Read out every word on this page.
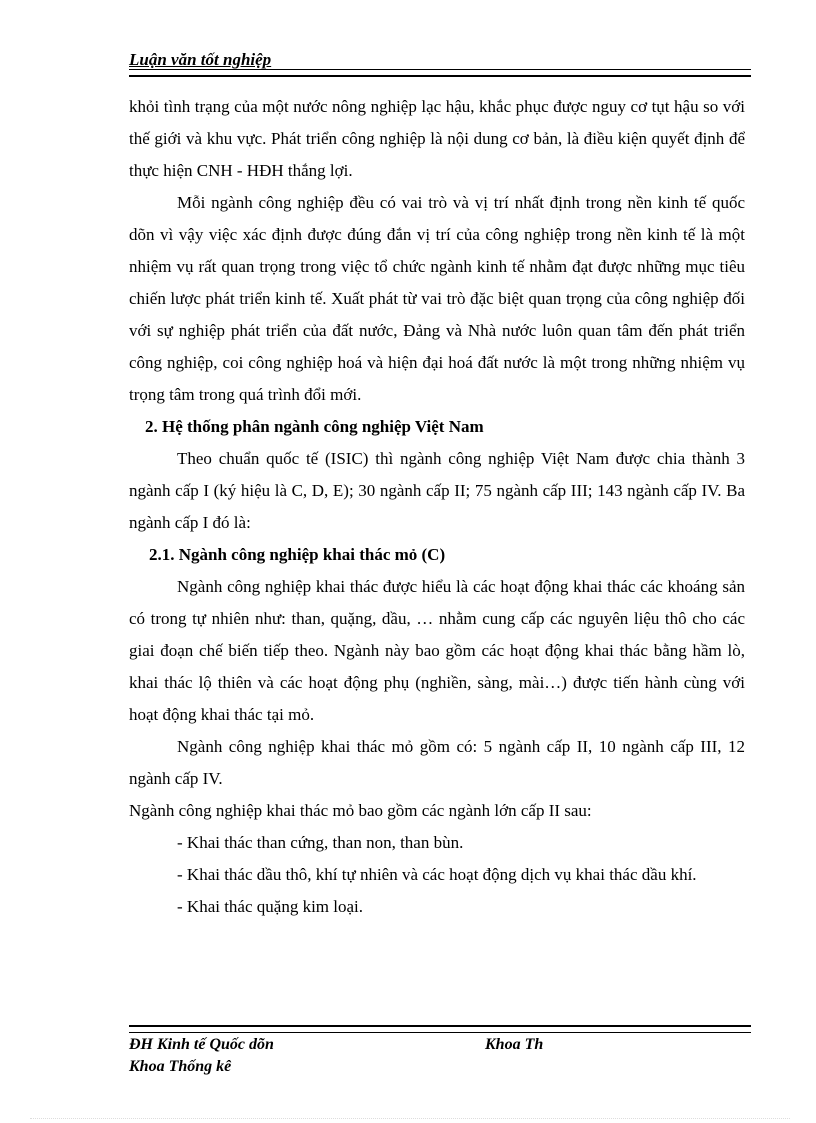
Luận văn tốt nghiệp

khỏi tình trạng của một nước nông nghiệp lạc hậu, khắc phục được nguy cơ tụt hậu so với thế giới và khu vực. Phát triển công nghiệp là nội dung cơ bản, là điều kiện quyết định để thực hiện CNH - HĐH thắng lợi.

Mỗi ngành công nghiệp đều có vai trò và vị trí nhất định trong nền kinh tế quốc dõn vì vậy việc xác định được đúng đắn vị trí của công nghiệp trong nền kinh tế là một nhiệm vụ rất quan trọng trong việc tổ chức ngành kinh tế nhằm đạt được những mục tiêu chiến lược phát triển kinh tế. Xuất phát từ vai trò đặc biệt quan trọng của công nghiệp đối với sự nghiệp phát triển của đất nước, Đảng và Nhà nước luôn quan tâm đến phát triển công nghiệp, coi công nghiệp hoá và hiện đại hoá đất nước là một trong những nhiệm vụ trọng tâm trong quá trình đổi mới.

2. Hệ thống phân ngành công nghiệp Việt Nam

Theo chuẩn quốc tế (ISIC) thì ngành công nghiệp Việt Nam được chia thành 3 ngành cấp I (ký hiệu là C, D, E); 30 ngành cấp II; 75 ngành cấp III; 143 ngành cấp IV. Ba ngành cấp I đó là:

2.1. Ngành công nghiệp khai thác mỏ (C)

Ngành công nghiệp khai thác được hiểu là các hoạt động khai thác các khoáng sản có trong tự nhiên như: than, quặng, dầu, … nhằm cung cấp các nguyên liệu thô cho các giai đoạn chế biến tiếp theo. Ngành này bao gồm các hoạt động khai thác bằng hầm lò, khai thác lộ thiên và các hoạt động phụ (nghiền, sàng, mài…) được tiến hành cùng với hoạt động khai thác tại mỏ.

Ngành công nghiệp khai thác mỏ gồm có: 5 ngành cấp II, 10 ngành cấp III, 12 ngành cấp IV.

Ngành công nghiệp khai thác mỏ bao gồm các ngành lớn cấp II sau:

- Khai thác than cứng, than non, than bùn.

- Khai thác dầu thô, khí tự nhiên và các hoạt động dịch vụ khai thác dầu khí.

- Khai thác quặng kim loại.

ĐH Kinh tế Quốc dõn
Khoa Thống kê
Khoa Th
